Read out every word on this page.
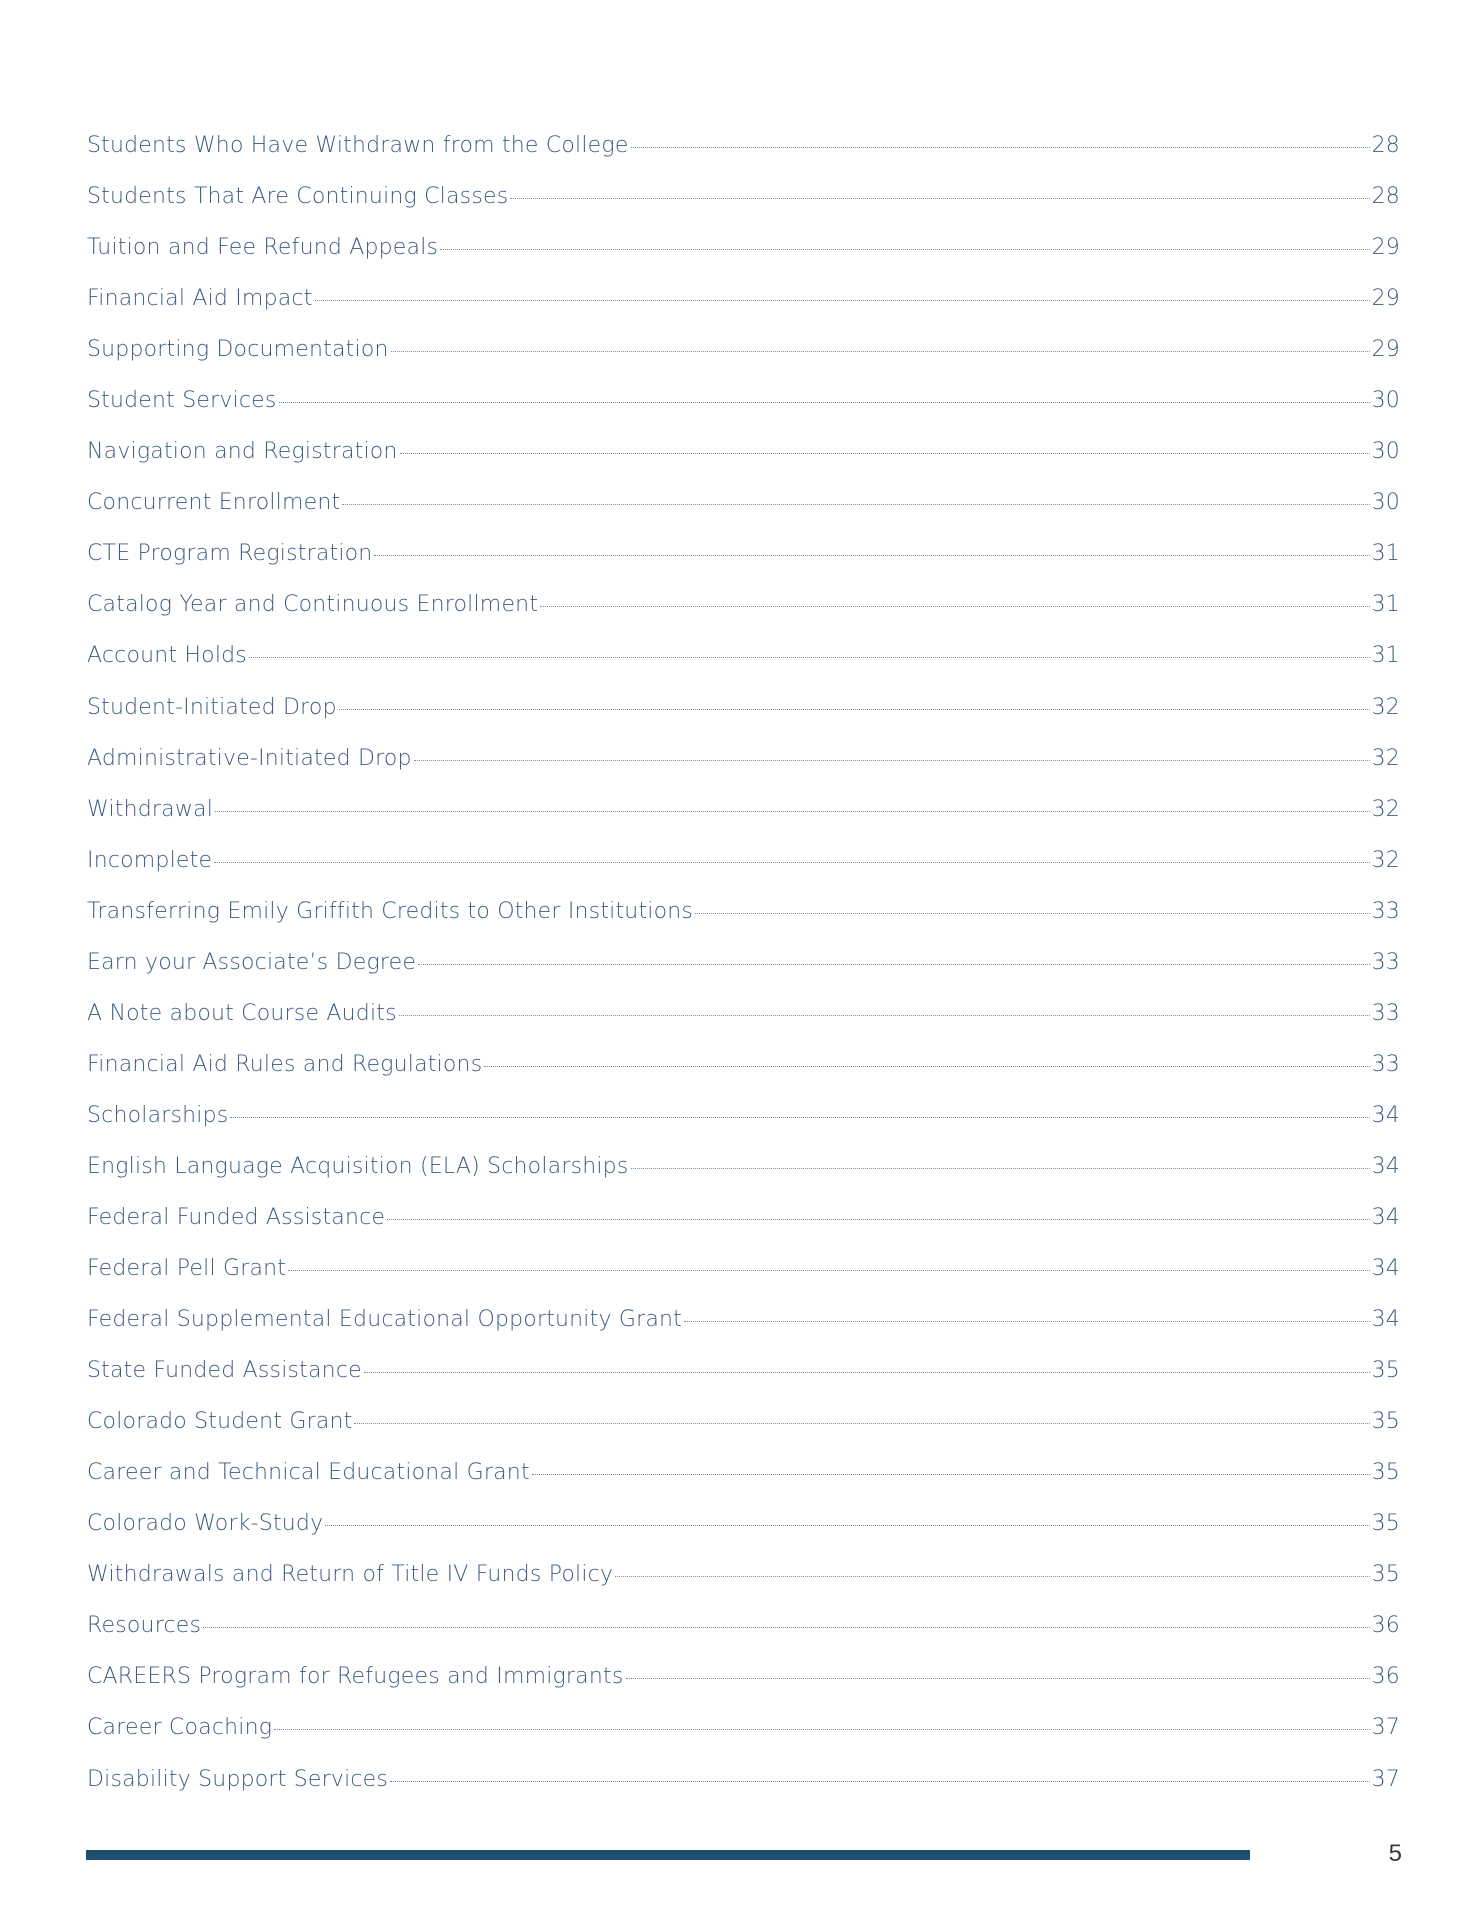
Students Who Have Withdrawn from the College	28
Students That Are Continuing Classes	28
Tuition and Fee Refund Appeals	29
Financial Aid Impact	29
Supporting Documentation	29
Student Services	30
Navigation and Registration	30
Concurrent Enrollment	30
CTE Program Registration	31
Catalog Year and Continuous Enrollment	31
Account Holds	31
Student-Initiated Drop	32
Administrative-Initiated Drop	32
Withdrawal	32
Incomplete	32
Transferring Emily Griffith Credits to Other Institutions	33
Earn your Associate’s Degree	33
A Note about Course Audits	33
Financial Aid Rules and Regulations	33
Scholarships	34
English Language Acquisition (ELA) Scholarships	34
Federal Funded Assistance	34
Federal Pell Grant	34
Federal Supplemental Educational Opportunity Grant	34
State Funded Assistance	35
Colorado Student Grant	35
Career and Technical Educational Grant	35
Colorado Work-Study	35
Withdrawals and Return of Title IV Funds Policy	35
Resources	36
CAREERS Program for Refugees and Immigrants	36
Career Coaching	37
Disability Support Services	37
5
